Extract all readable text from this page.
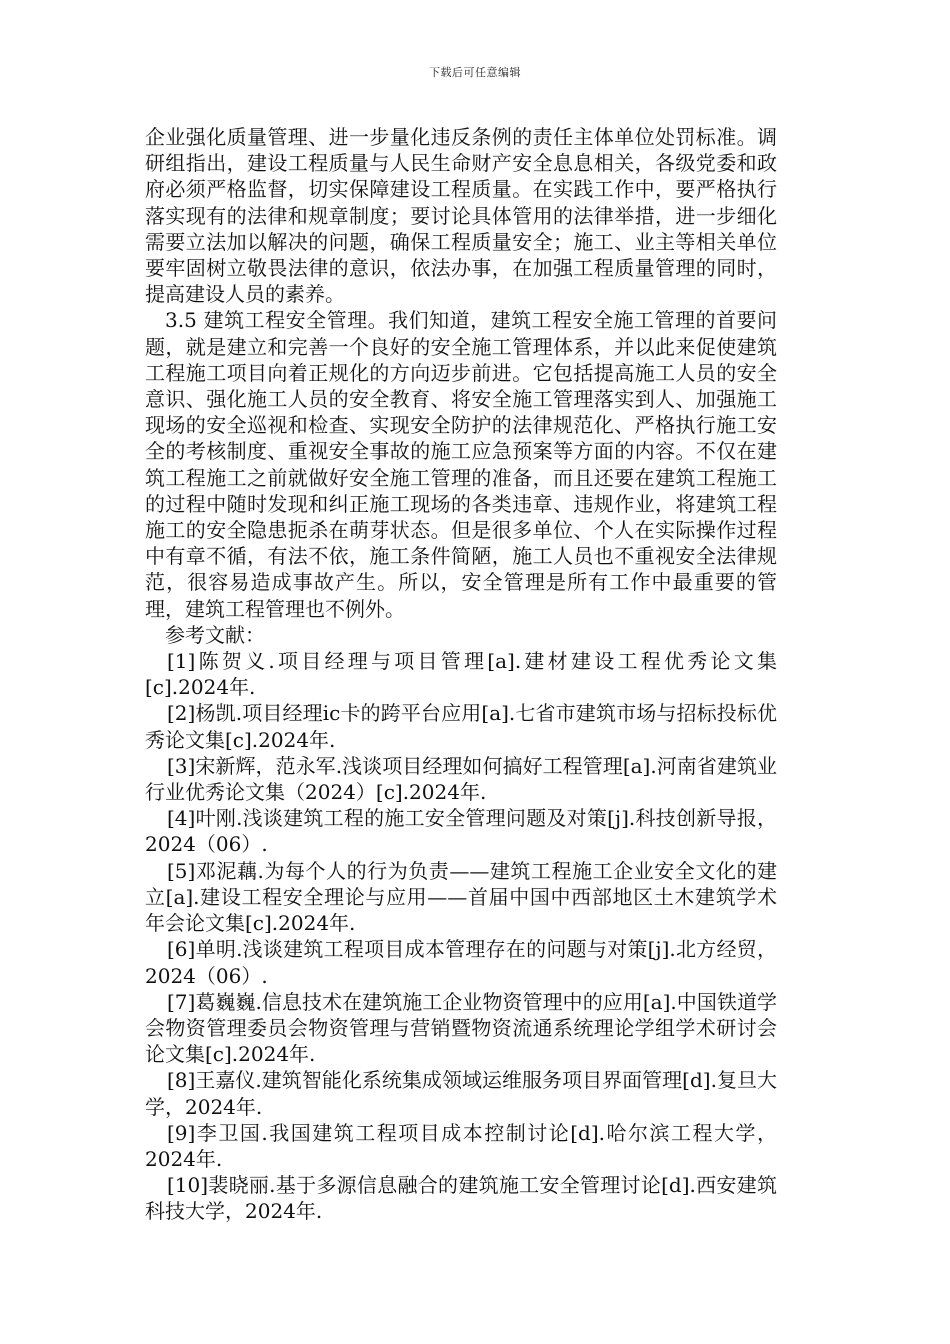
下载后可任意编辑

企业强化质量管理、进一步量化违反条例的责任主体单位处罚标准。调研组指出，建设工程质量与人民生命财产安全息息相关，各级党委和政府必须严格监督，切实保障建设工程质量。在实践工作中，要严格执行落实现有的法律和规章制度；要讨论具体管用的法律举措，进一步细化需要立法加以解决的问题，确保工程质量安全；施工、业主等相关单位要牢固树立敬畏法律的意识，依法办事，在加强工程质量管理的同时，提高建设人员的素养。

3.5 建筑工程安全管理。我们知道，建筑工程安全施工管理的首要问题，就是建立和完善一个良好的安全施工管理体系，并以此来促使建筑工程施工项目向着正规化的方向迈步前进。它包括提高施工人员的安全意识、强化施工人员的安全教育、将安全施工管理落实到人、加强施工现场的安全巡视和检查、实现安全防护的法律规范化、严格执行施工安全的考核制度、重视安全事故的施工应急预案等方面的内容。不仅在建筑工程施工之前就做好安全施工管理的准备，而且还要在建筑工程施工的过程中随时发现和纠正施工现场的各类违章、违规作业，将建筑工程施工的安全隐患扼杀在萌芽状态。但是很多单位、个人在实际操作过程中有章不循，有法不依，施工条件简陋，施工人员也不重视安全法律规范，很容易造成事故产生。所以，安全管理是所有工作中最重要的管理，建筑工程管理也不例外。

参考文献：

[1]陈贺义.项目经理与项目管理[a].建材建设工程优秀论文集[c].2024年.

[2]杨凯.项目经理ic卡的跨平台应用[a].七省市建筑市场与招标投标优秀论文集[c].2024年.

[3]宋新辉，范永军.浅谈项目经理如何搞好工程管理[a].河南省建筑业行业优秀论文集（2024）[c].2024年.

[4]叶刚.浅谈建筑工程的施工安全管理问题及对策[j].科技创新导报，2024（06）.

[5]邓泥藕.为每个人的行为负责——建筑工程施工企业安全文化的建立[a].建设工程安全理论与应用——首届中国中西部地区土木建筑学术年会论文集[c].2024年.

[6]单明.浅谈建筑工程项目成本管理存在的问题与对策[j].北方经贸，2024（06）.

[7]葛巍巍.信息技术在建筑施工企业物资管理中的应用[a].中国铁道学会物资管理委员会物资管理与营销暨物资流通系统理论学组学术研讨会论文集[c].2024年.

[8]王嘉仪.建筑智能化系统集成领域运维服务项目界面管理[d].复旦大学，2024年.

[9]李卫国.我国建筑工程项目成本控制讨论[d].哈尔滨工程大学，2024年.

[10]裴晓丽.基于多源信息融合的建筑施工安全管理讨论[d].西安建筑科技大学，2024年.
